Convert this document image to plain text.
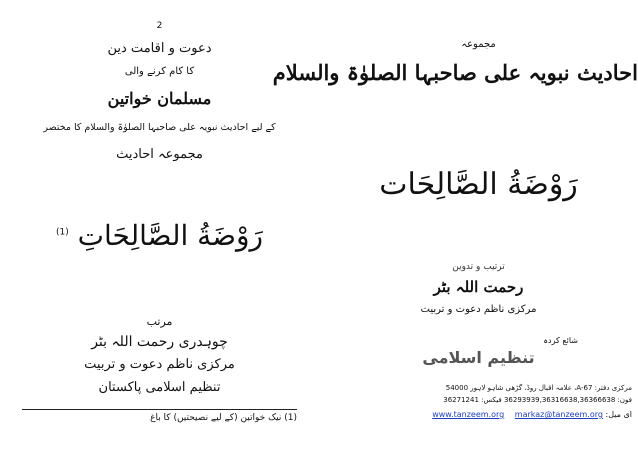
2
دعوت و اقامت دین
کا کام کرنے والی
مسلمان خواتین
کے لیے احادیث نبویہ علی صاحبہا الصلوٰۃ والسلام کا مختصر
مجموعہ احادیث
رَوْضَةُ الصَّالِحَاتِ $^{(1)}$
مرتب
چوہدری رحمت اللہ بٹر
مرکزی ناظم دعوت و تربیت
تنظیم اسلامی پاکستان
(1) نیک خواتین (کے لیے نصیحتیں) کا باغ
مجموعہ
احادیث نبویہ علی صاحبہا الصلوٰۃ والسلام
رَوْضَةُ الصَّالِحَات
ترتیب و تدوین
رحمت اللہ بٹر
مرکزی ناظم دعوت و تربیت
شائع کردہ
تنظیم اسلامی
مرکزی دفتر: A-67، علامہ اقبال روڈ، گڑھی شاہو لاہور 54000
فون: 36293939,36316638,36366638 فیکس: 36271241
ای میل: markaz@tanzeem.org www.tanzeem.org
